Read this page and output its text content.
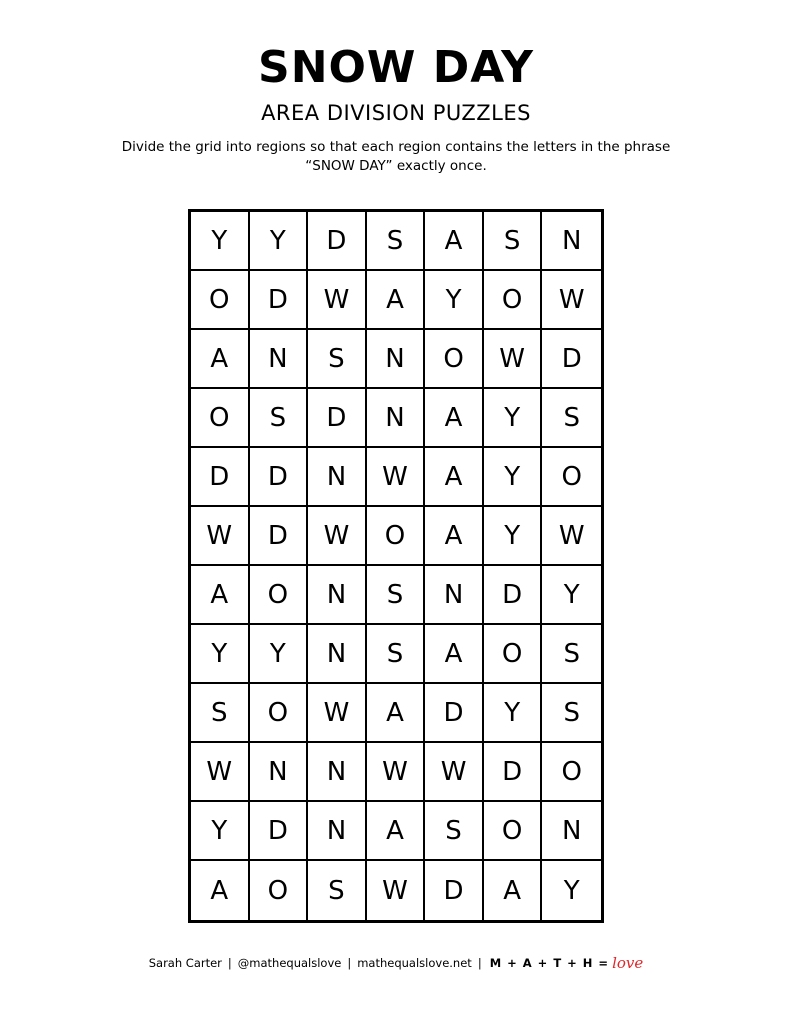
SNOW DAY
AREA DIVISION PUZZLES
Divide the grid into regions so that each region contains the letters in the phrase “SNOW DAY” exactly once.
Y	Y	D	S	A	S	N
O	D	W	A	Y	O	W
A	N	S	N	O	W	D
O	S	D	N	A	Y	S
D	D	N	W	A	Y	O
W	D	W	O	A	Y	W
A	O	N	S	N	D	Y
Y	Y	N	S	A	O	S
S	O	W	A	D	Y	S
W	N	N	W	W	D	O
Y	D	N	A	S	O	N
A	O	S	W	D	A	Y
Sarah Carter | @mathequalslove | mathequalslove.net | M + A + T + H = love
